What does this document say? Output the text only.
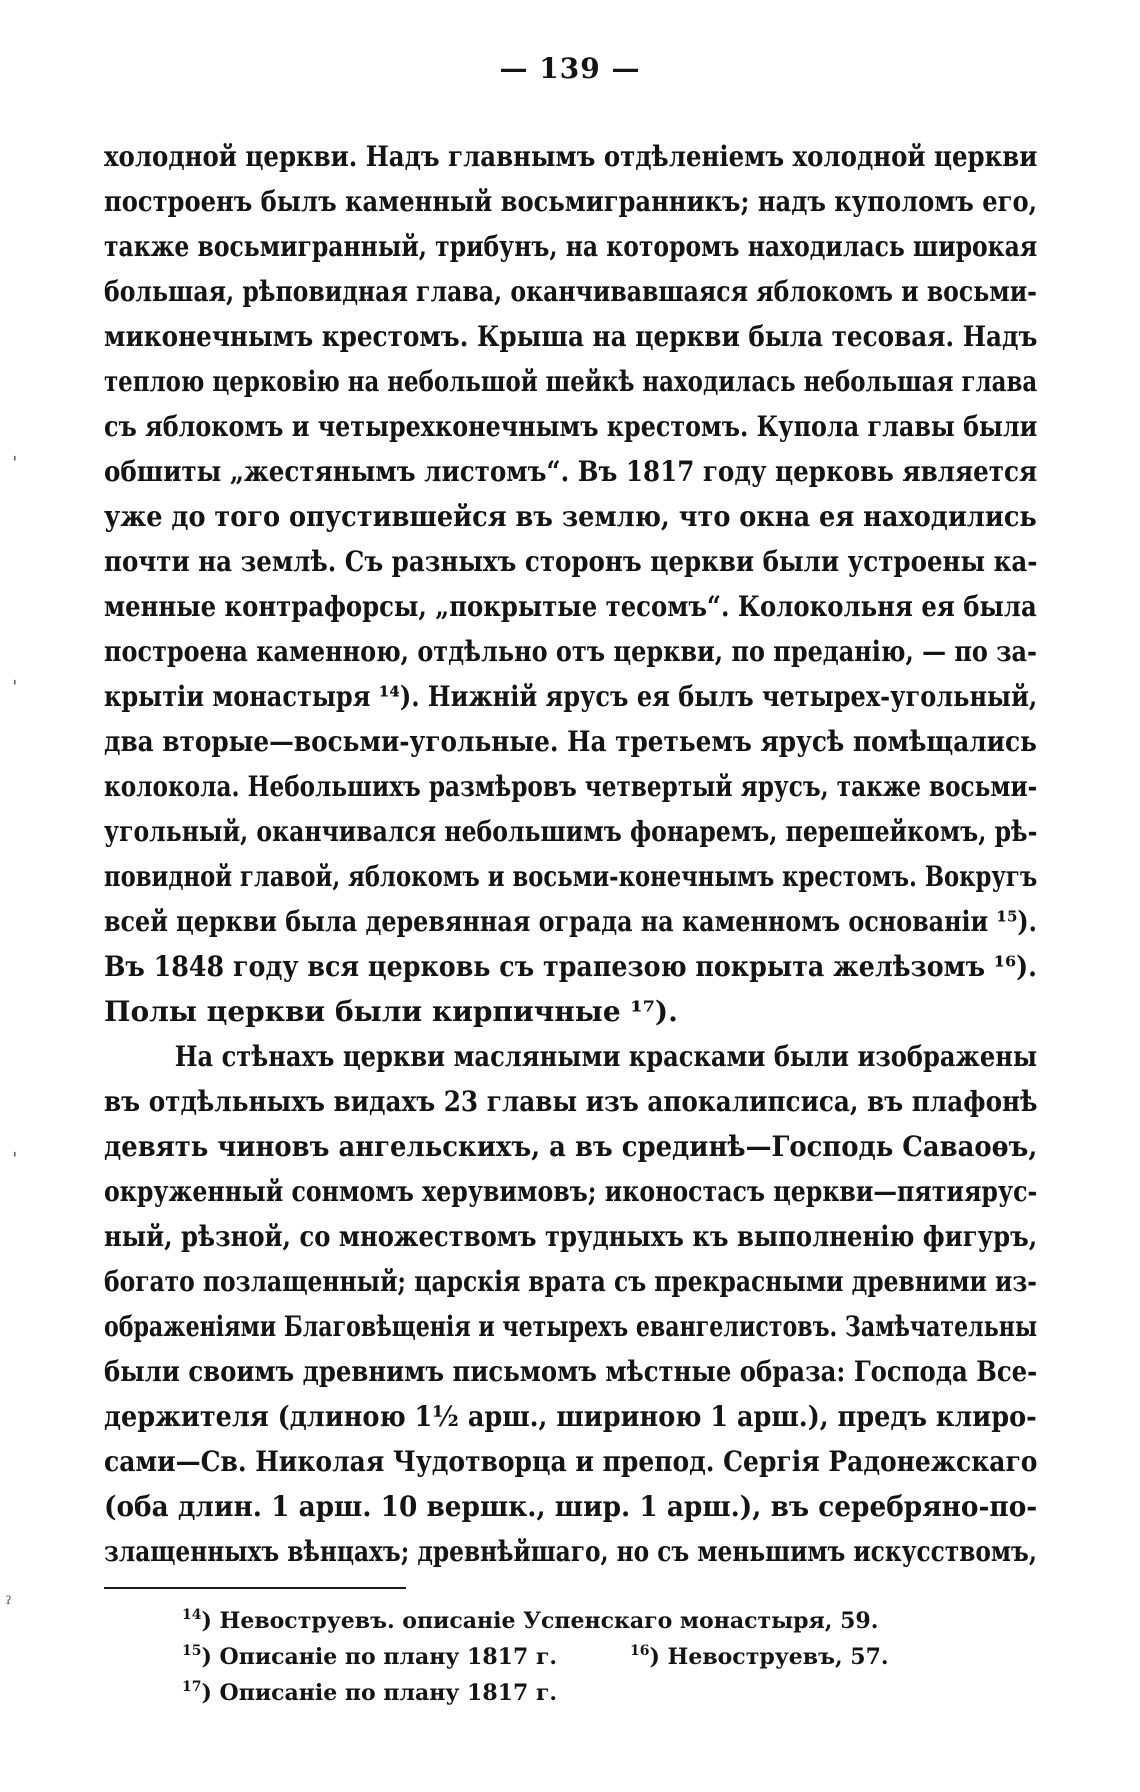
— 139 —
холодной церкви. Надъ главнымъ отдѣленіемъ холодной церкви
построенъ былъ каменный восьмигранникъ; надъ куполомъ его,
также восьмигранный, трибунъ, на которомъ находилась широкая
большая, рѣповидная глава, оканчивавшаяся яблокомъ и восьми-
миконечнымъ крестомъ. Крыша на церкви была тесовая. Надъ
теплою церковію на небольшой шейкѣ находилась небольшая глава
съ яблокомъ и четырехконечнымъ крестомъ. Купола главы были
обшиты „жестянымъ листомъ“. Въ 1817 году церковь является
уже до того опустившейся въ землю, что окна ея находились
почти на землѣ. Съ разныхъ сторонъ церкви были устроены ка-
менные контрафорсы, „покрытые тесомъ“. Колокольня ея была
построена каменною, отдѣльно отъ церкви, по преданію, — по за-
крытіи монастыря ¹⁴). Нижній ярусъ ея былъ четырех-угольный,
два вторые—восьми-угольные. На третьемъ ярусѣ помѣщались
колокола. Небольшихъ размѣровъ четвертый ярусъ, также восьми-
угольный, оканчивался небольшимъ фонаремъ, перешейкомъ, рѣ-
повидной главой, яблокомъ и восьми-конечнымъ крестомъ. Вокругъ
всей церкви была деревянная ограда на каменномъ основаніи ¹⁵).
Въ 1848 году вся церковь съ трапезою покрыта желѣзомъ ¹⁶).
Полы церкви были кирпичные ¹⁷).
На стѣнахъ церкви масляными красками были изображены
въ отдѣльныхъ видахъ 23 главы изъ апокалипсиса, въ плафонѣ
девять чиновъ ангельскихъ, а въ срединѣ—Господь Саваоѳъ,
окруженный сонмомъ херувимовъ; иконостасъ церкви—пятиярус-
ный, рѣзной, со множествомъ трудныхъ къ выполненію фигуръ,
богато позлащенный; царскія врата съ прекрасными древними из-
ображеніями Благовѣщенія и четырехъ евангелистовъ. Замѣчательны
были своимъ древнимъ письмомъ мѣстные образа: Господа Все-
держителя (длиною 1½ арш., шириною 1 арш.), предъ клиро-
сами—Св. Николая Чудотворца и препод. Сергія Радонежскаго
(оба длин. 1 арш. 10 вершк., шир. 1 арш.), въ серебряно-по-
злащенныхъ вѣнцахъ; древнѣйшаго, но съ меньшимъ искусствомъ,
$^{14}$) Невоструевъ. описаніе Успенскаго монастыря, 59.
$^{15}$) Описаніе по плану 1817 г.	$^{16}$) Невоструевъ, 57.
$^{17}$) Описаніе по плану 1817 г.
ˈ
ˈ
ˈ
ˀ
